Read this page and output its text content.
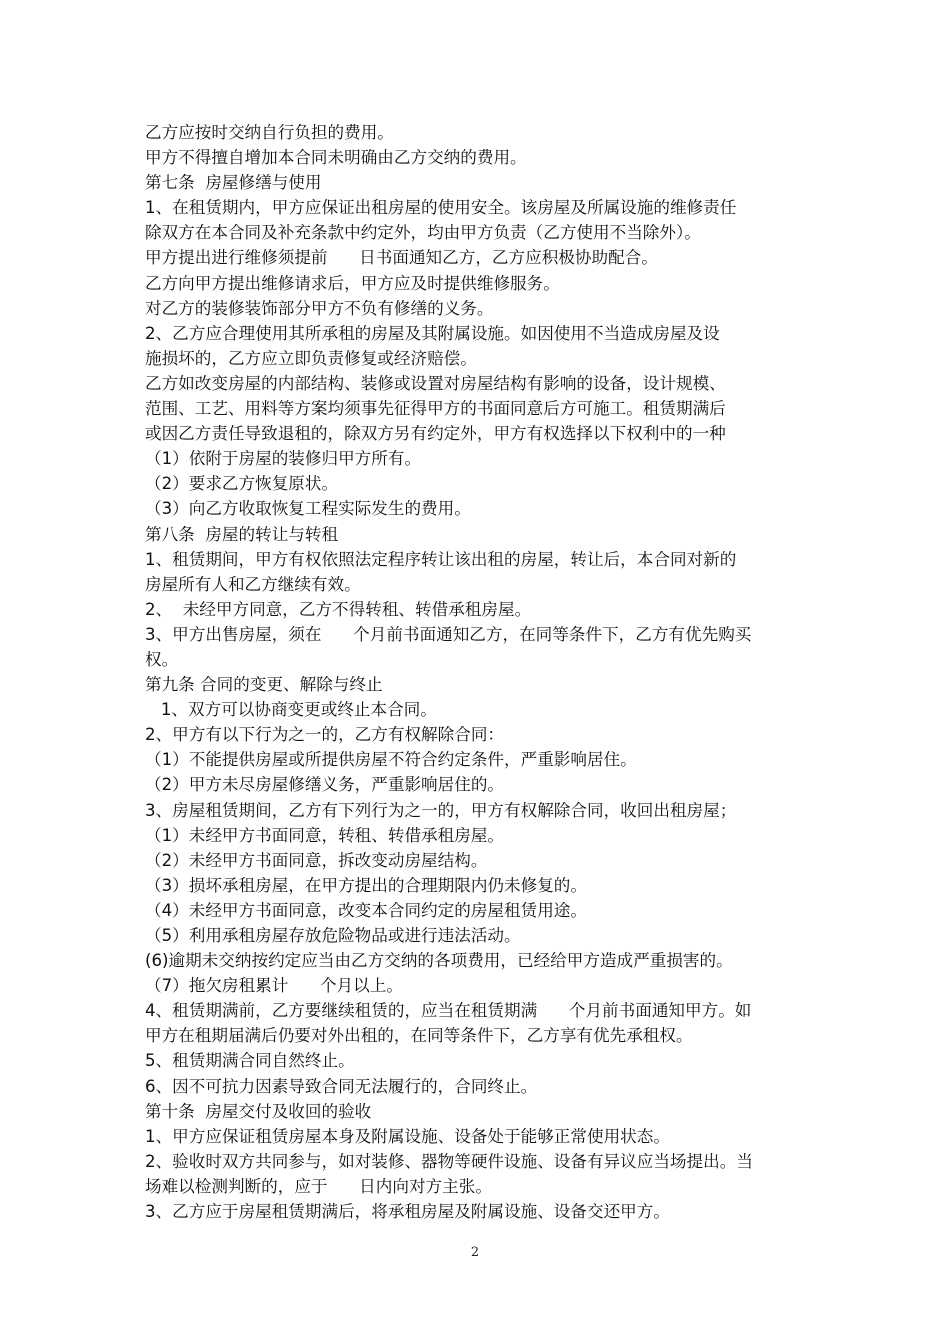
乙方应按时交纳自行负担的费用。
甲方不得擅自增加本合同未明确由乙方交纳的费用。
第七条  房屋修缮与使用
1、在租赁期内，甲方应保证出租房屋的使用安全。该房屋及所属设施的维修责任
除双方在本合同及补充条款中约定外，均由甲方负责（乙方使用不当除外）。
甲方提出进行维修须提前      日书面通知乙方，乙方应积极协助配合。
乙方向甲方提出维修请求后，甲方应及时提供维修服务。
对乙方的装修装饰部分甲方不负有修缮的义务。
2、乙方应合理使用其所承租的房屋及其附属设施。如因使用不当造成房屋及设
施损坏的，乙方应立即负责修复或经济赔偿。
乙方如改变房屋的内部结构、装修或设置对房屋结构有影响的设备，设计规模、
范围、工艺、用料等方案均须事先征得甲方的书面同意后方可施工。租赁期满后
或因乙方责任导致退租的，除双方另有约定外，甲方有权选择以下权利中的一种
（1）依附于房屋的装修归甲方所有。
（2）要求乙方恢复原状。
（3）向乙方收取恢复工程实际发生的费用。
第八条  房屋的转让与转租
1、租赁期间，甲方有权依照法定程序转让该出租的房屋，转让后，本合同对新的
房屋所有人和乙方继续有效。
2、  未经甲方同意，乙方不得转租、转借承租房屋。
3、甲方出售房屋，须在      个月前书面通知乙方，在同等条件下，乙方有优先购买
权。
第九条 合同的变更、解除与终止
1、双方可以协商变更或终止本合同。
2、甲方有以下行为之一的，乙方有权解除合同：
（1）不能提供房屋或所提供房屋不符合约定条件，严重影响居住。
（2）甲方未尽房屋修缮义务，严重影响居住的。
3、房屋租赁期间，乙方有下列行为之一的，甲方有权解除合同，收回出租房屋；
（1）未经甲方书面同意，转租、转借承租房屋。
（2）未经甲方书面同意，拆改变动房屋结构。
（3）损坏承租房屋，在甲方提出的合理期限内仍未修复的。
（4）未经甲方书面同意，改变本合同约定的房屋租赁用途。
（5）利用承租房屋存放危险物品或进行违法活动。
(6)逾期未交纳按约定应当由乙方交纳的各项费用，已经给甲方造成严重损害的。
（7）拖欠房租累计      个月以上。
4、租赁期满前，乙方要继续租赁的，应当在租赁期满      个月前书面通知甲方。如
甲方在租期届满后仍要对外出租的，在同等条件下，乙方享有优先承租权。
5、租赁期满合同自然终止。
6、因不可抗力因素导致合同无法履行的，合同终止。
第十条  房屋交付及收回的验收
1、甲方应保证租赁房屋本身及附属设施、设备处于能够正常使用状态。
2、验收时双方共同参与，如对装修、器物等硬件设施、设备有异议应当场提出。当
场难以检测判断的，应于      日内向对方主张。
3、乙方应于房屋租赁期满后，将承租房屋及附属设施、设备交还甲方。
2
